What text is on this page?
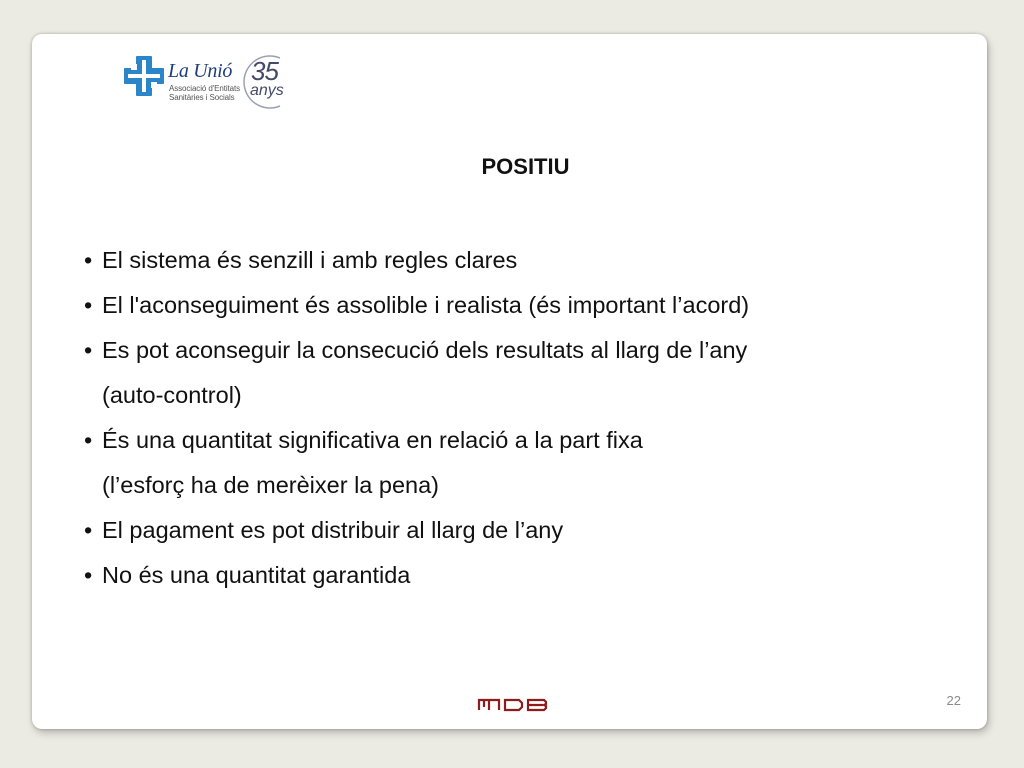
La Unió
Associació d'Entitats
Sanitàries i Socials
35
anys
POSITIU
• El sistema és senzill i amb regles clares
• El l'aconseguiment és assolible i realista (és important l’acord)
• Es pot aconseguir la consecució dels resultats al llarg de l’any
(auto-control)
• És una quantitat significativa en relació a la part fixa
(l’esforç ha de merèixer la pena)
• El pagament es pot distribuir al llarg de l’any
• No és una quantitat garantida
22
